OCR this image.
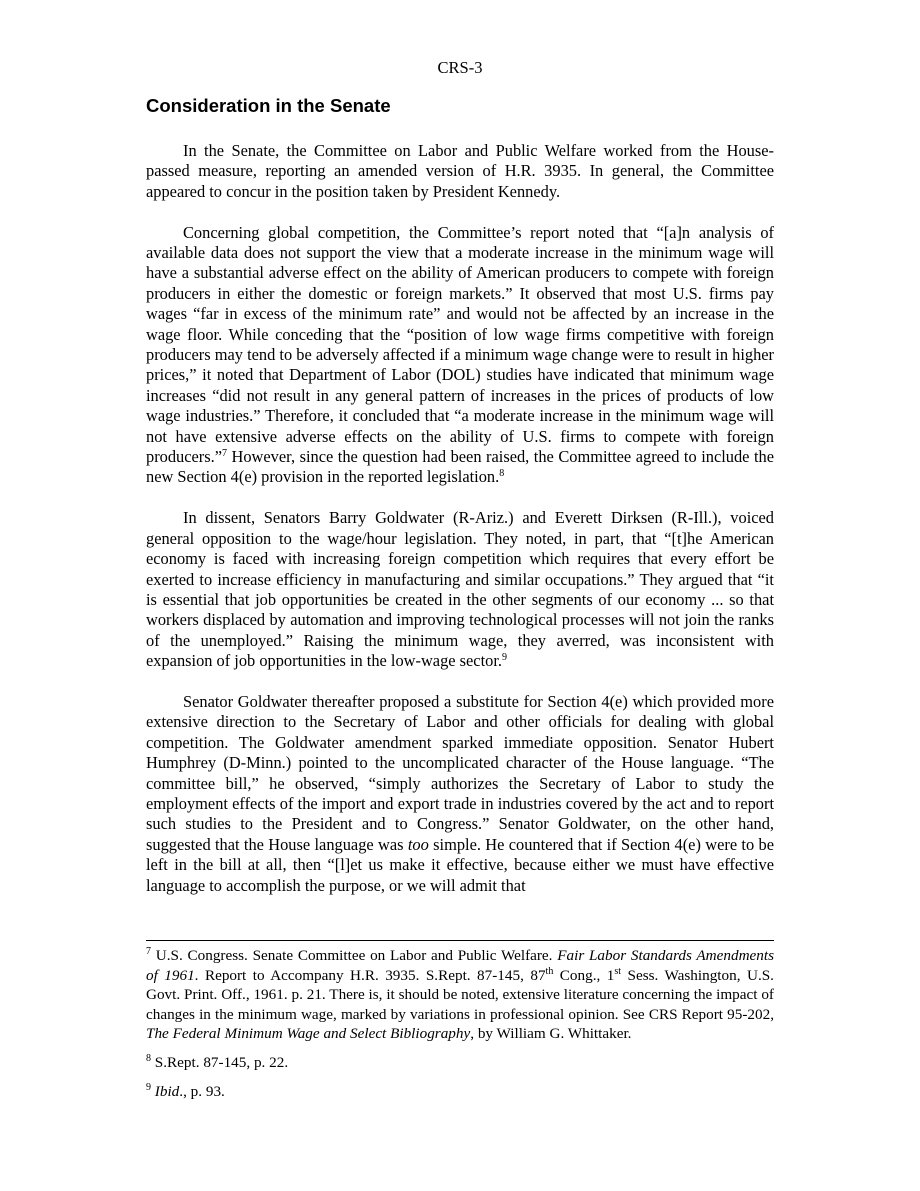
CRS-3
Consideration in the Senate

In the Senate, the Committee on Labor and Public Welfare worked from the House-passed measure, reporting an amended version of H.R. 3935. In general, the Committee appeared to concur in the position taken by President Kennedy.

Concerning global competition, the Committee’s report noted that “[a]n analysis of available data does not support the view that a moderate increase in the minimum wage will have a substantial adverse effect on the ability of American producers to compete with foreign producers in either the domestic or foreign markets.” It observed that most U.S. firms pay wages “far in excess of the minimum rate” and would not be affected by an increase in the wage floor. While conceding that the “position of low wage firms competitive with foreign producers may tend to be adversely affected if a minimum wage change were to result in higher prices,” it noted that Department of Labor (DOL) studies have indicated that minimum wage increases “did not result in any general pattern of increases in the prices of products of low wage industries.” Therefore, it concluded that “a moderate increase in the minimum wage will not have extensive adverse effects on the ability of U.S. firms to compete with foreign producers.”$^7$ However, since the question had been raised, the Committee agreed to include the new Section 4(e) provision in the reported legislation.$^8$

In dissent, Senators Barry Goldwater (R-Ariz.) and Everett Dirksen (R-Ill.), voiced general opposition to the wage/hour legislation. They noted, in part, that “[t]he American economy is faced with increasing foreign competition which requires that every effort be exerted to increase efficiency in manufacturing and similar occupations.” They argued that “it is essential that job opportunities be created in the other segments of our economy ... so that workers displaced by automation and improving technological processes will not join the ranks of the unemployed.” Raising the minimum wage, they averred, was inconsistent with expansion of job opportunities in the low-wage sector.$^9$

Senator Goldwater thereafter proposed a substitute for Section 4(e) which provided more extensive direction to the Secretary of Labor and other officials for dealing with global competition. The Goldwater amendment sparked immediate opposition. Senator Hubert Humphrey (D-Minn.) pointed to the uncomplicated character of the House language. “The committee bill,” he observed, “simply authorizes the Secretary of Labor to study the employment effects of the import and export trade in industries covered by the act and to report such studies to the President and to Congress.” Senator Goldwater, on the other hand, suggested that the House language was too simple. He countered that if Section 4(e) were to be left in the bill at all, then “[l]et us make it effective, because either we must have effective language to accomplish the purpose, or we will admit that

$^7$ U.S. Congress. Senate Committee on Labor and Public Welfare. Fair Labor Standards Amendments of 1961. Report to Accompany H.R. 3935. S.Rept. 87-145, 87th Cong., 1st Sess. Washington, U.S. Govt. Print. Off., 1961. p. 21. There is, it should be noted, extensive literature concerning the impact of changes in the minimum wage, marked by variations in professional opinion. See CRS Report 95-202, The Federal Minimum Wage and Select Bibliography, by William G. Whittaker.

$^8$ S.Rept. 87-145, p. 22.

$^9$ Ibid., p. 93.
